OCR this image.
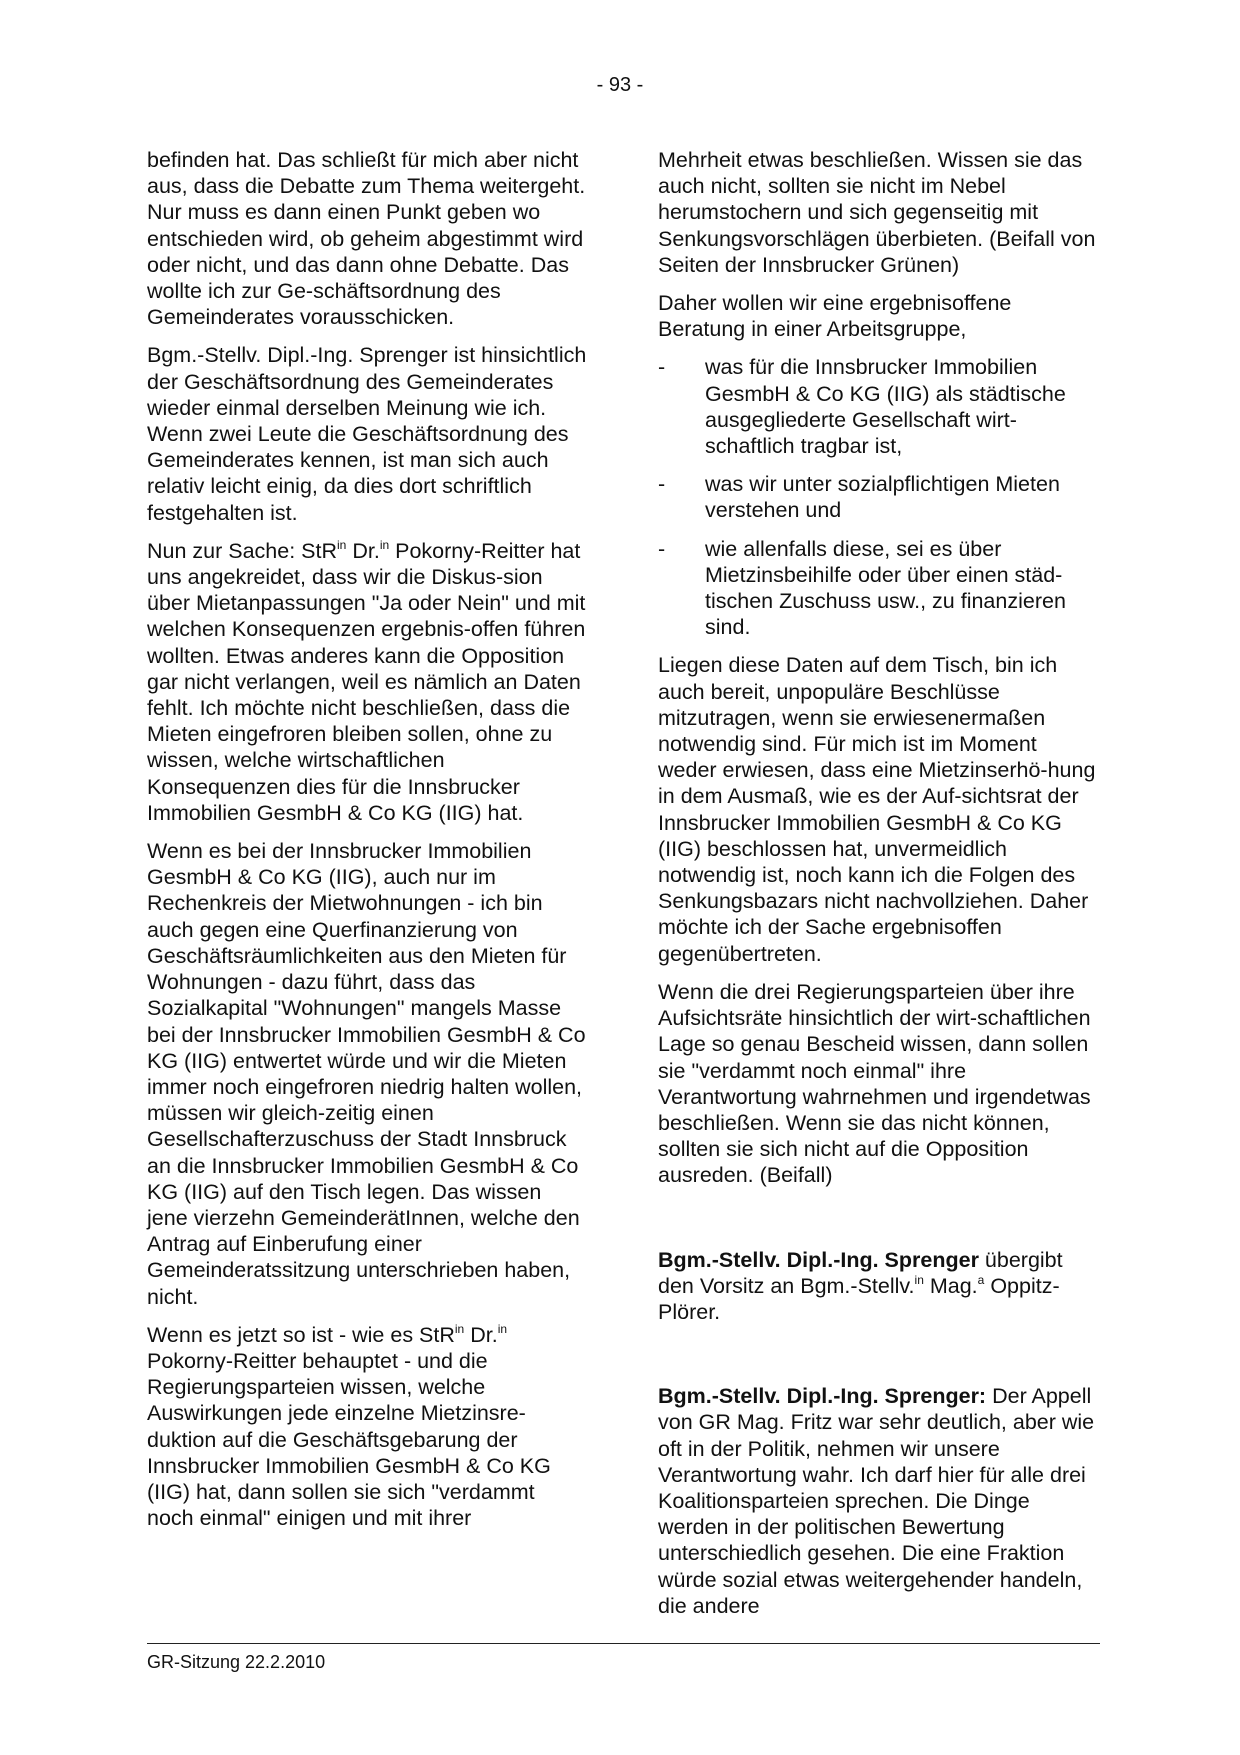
- 93 -

befinden hat. Das schließt für mich aber nicht aus, dass die Debatte zum Thema weitergeht. Nur muss es dann einen Punkt geben wo entschieden wird, ob geheim abgestimmt wird oder nicht, und das dann ohne Debatte. Das wollte ich zur Ge-schäftsordnung des Gemeinderates vorausschicken.

Bgm.-Stellv. Dipl.-Ing. Sprenger ist hinsichtlich der Geschäftsordnung des Gemeinderates wieder einmal derselben Meinung wie ich. Wenn zwei Leute die Geschäftsordnung des Gemeinderates kennen, ist man sich auch relativ leicht einig, da dies dort schriftlich festgehalten ist.

Nun zur Sache: StR$^{in}$ Dr.$^{in}$ Pokorny-Reitter hat uns angekreidet, dass wir die Diskus-sion über Mietanpassungen "Ja oder Nein" und mit welchen Konsequenzen ergebnis-offen führen wollten. Etwas anderes kann die Opposition gar nicht verlangen, weil es nämlich an Daten fehlt. Ich möchte nicht beschließen, dass die Mieten eingefroren bleiben sollen, ohne zu wissen, welche wirtschaftlichen Konsequenzen dies für die Innsbrucker Immobilien GesmbH & Co KG (IIG) hat.

Wenn es bei der Innsbrucker Immobilien GesmbH & Co KG (IIG), auch nur im Rechenkreis der Mietwohnungen - ich bin auch gegen eine Querfinanzierung von Geschäftsräumlichkeiten aus den Mieten für Wohnungen - dazu führt, dass das Sozialkapital "Wohnungen" mangels Masse bei der Innsbrucker Immobilien GesmbH & Co KG (IIG) entwertet würde und wir die Mieten immer noch eingefroren niedrig halten wollen, müssen wir gleich-zeitig einen Gesellschafterzuschuss der Stadt Innsbruck an die Innsbrucker Immobilien GesmbH & Co KG (IIG) auf den Tisch legen. Das wissen jene vierzehn GemeinderätInnen, welche den Antrag auf Einberufung einer Gemeinderatssitzung unterschrieben haben, nicht.

Wenn es jetzt so ist - wie es StR$^{in}$ Dr.$^{in}$ Pokorny-Reitter behauptet - und die Regierungsparteien wissen, welche Auswirkungen jede einzelne Mietzinsre-duktion auf die Geschäftsgebarung der Innsbrucker Immobilien GesmbH & Co KG (IIG) hat, dann sollen sie sich "verdammt noch einmal" einigen und mit ihrer

Mehrheit etwas beschließen. Wissen sie das auch nicht, sollten sie nicht im Nebel herumstochern und sich gegenseitig mit Senkungsvorschlägen überbieten. (Beifall von Seiten der Innsbrucker Grünen)

Daher wollen wir eine ergebnisoffene Beratung in einer Arbeitsgruppe,

-	was für die Innsbrucker Immobilien GesmbH & Co KG (IIG) als städtische ausgegliederte Gesellschaft wirt-schaftlich tragbar ist,
-	was wir unter sozialpflichtigen Mieten verstehen und
-	wie allenfalls diese, sei es über Mietzinsbeihilfe oder über einen städ-tischen Zuschuss usw., zu finanzieren sind.

Liegen diese Daten auf dem Tisch, bin ich auch bereit, unpopuläre Beschlüsse mitzutragen, wenn sie erwiesenermaßen notwendig sind. Für mich ist im Moment weder erwiesen, dass eine Mietzinserhö-hung in dem Ausmaß, wie es der Auf-sichtsrat der Innsbrucker Immobilien GesmbH & Co KG (IIG) beschlossen hat, unvermeidlich notwendig ist, noch kann ich die Folgen des Senkungsbazars nicht nachvollziehen. Daher möchte ich der Sache ergebnisoffen gegenübertreten.

Wenn die drei Regierungsparteien über ihre Aufsichtsräte hinsichtlich der wirt-schaftlichen Lage so genau Bescheid wissen, dann sollen sie "verdammt noch einmal" ihre Verantwortung wahrnehmen und irgendetwas beschließen. Wenn sie das nicht können, sollten sie sich nicht auf die Opposition ausreden. (Beifall)

Bgm.-Stellv. Dipl.-Ing. Sprenger übergibt den Vorsitz an Bgm.-Stellv.$^{in}$ Mag.$^a$ Oppitz-Plörer.

Bgm.-Stellv. Dipl.-Ing. Sprenger: Der Appell von GR Mag. Fritz war sehr deutlich, aber wie oft in der Politik, nehmen wir unsere Verantwortung wahr. Ich darf hier für alle drei Koalitionsparteien sprechen. Die Dinge werden in der politischen Bewertung unterschiedlich gesehen. Die eine Fraktion würde sozial etwas weitergehender handeln, die andere

GR-Sitzung 22.2.2010
